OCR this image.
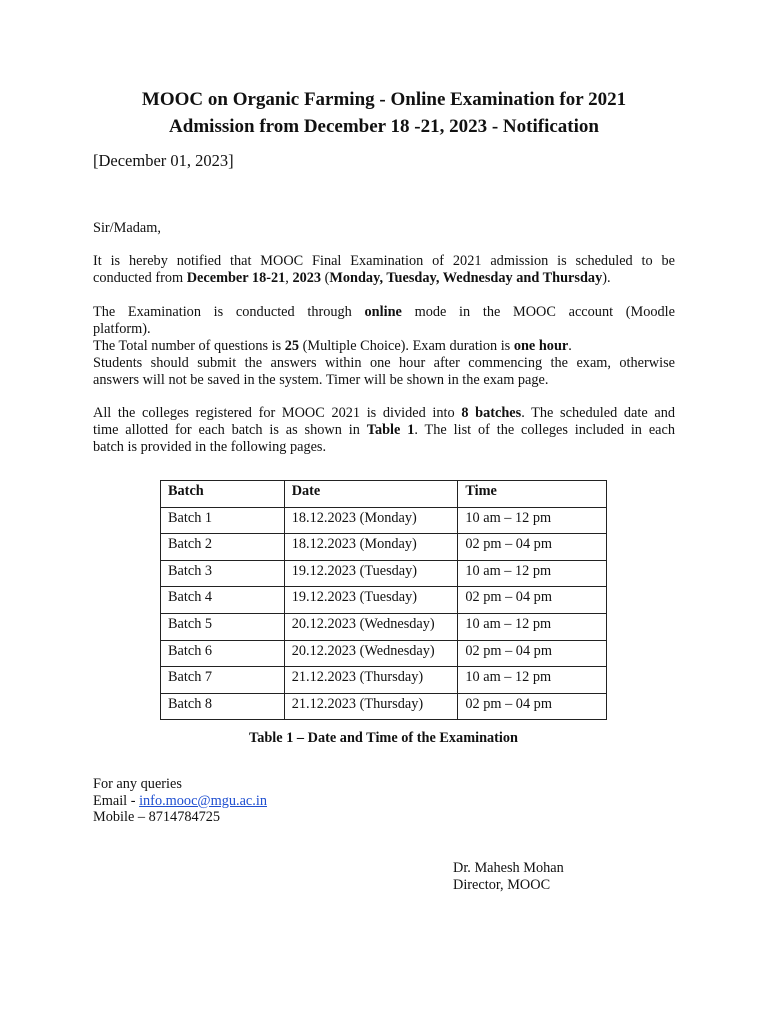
MOOC on Organic Farming - Online Examination for 2021
Admission from December 18 -21, 2023 - Notification
[December 01, 2023]
Sir/Madam,
It is hereby notified that MOOC Final Examination of 2021 admission is scheduled to be
conducted from December 18-21, 2023 (Monday, Tuesday, Wednesday and Thursday).
The Examination is conducted through online mode in the MOOC account (Moodle
platform).
The Total number of questions is 25 (Multiple Choice). Exam duration is one hour.
Students should submit the answers within one hour after commencing the exam, otherwise
answers will not be saved in the system. Timer will be shown in the exam page.
All the colleges registered for MOOC 2021 is divided into 8 batches. The scheduled date and
time allotted for each batch is as shown in Table 1. The list of the colleges included in each
batch is provided in the following pages.
Batch	Date	Time
Batch 1	18.12.2023 (Monday)	10 am – 12 pm
Batch 2	18.12.2023 (Monday)	02 pm – 04 pm
Batch 3	19.12.2023 (Tuesday)	10 am – 12 pm
Batch 4	19.12.2023 (Tuesday)	02 pm – 04 pm
Batch 5	20.12.2023 (Wednesday)	10 am – 12 pm
Batch 6	20.12.2023 (Wednesday)	02 pm – 04 pm
Batch 7	21.12.2023 (Thursday)	10 am – 12 pm
Batch 8	21.12.2023 (Thursday)	02 pm – 04 pm
Table 1 – Date and Time of the Examination
For any queries
Email - info.mooc@mgu.ac.in
Mobile – 8714784725
Dr. Mahesh Mohan
Director, MOOC
